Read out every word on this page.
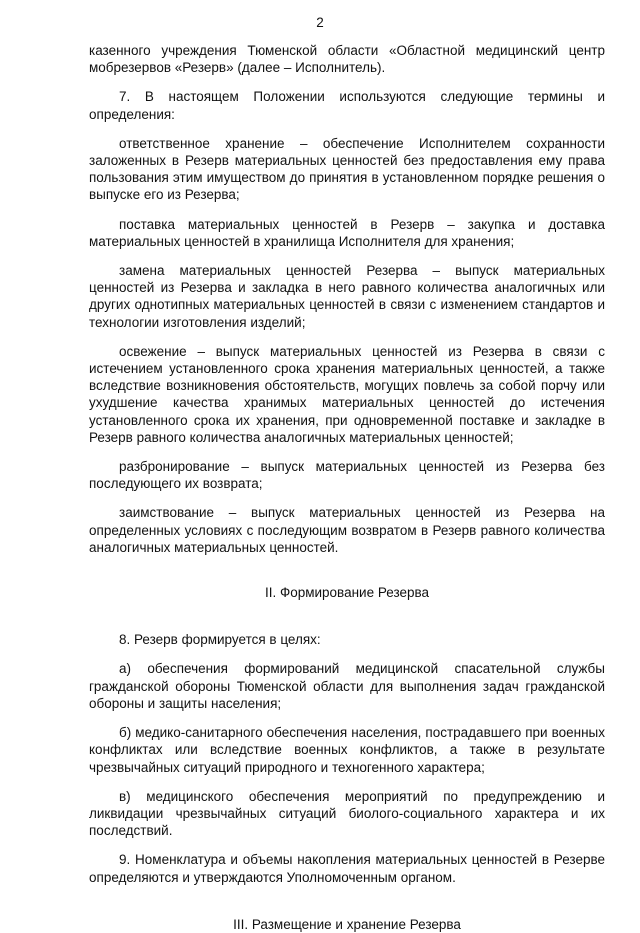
2

казенного учреждения Тюменской области «Областной медицинский центр мобрезервов «Резерв» (далее – Исполнитель).

7. В настоящем Положении используются следующие термины и определения:

ответственное хранение – обеспечение Исполнителем сохранности заложенных в Резерв материальных ценностей без предоставления ему права пользования этим имуществом до принятия в установленном порядке решения о выпуске его из Резерва;

поставка материальных ценностей в Резерв – закупка и доставка материальных ценностей в хранилища Исполнителя для хранения;

замена материальных ценностей Резерва – выпуск материальных ценностей из Резерва и закладка в него равного количества аналогичных или других однотипных материальных ценностей в связи с изменением стандартов и технологии изготовления изделий;

освежение – выпуск материальных ценностей из Резерва в связи с истечением установленного срока хранения материальных ценностей, а также вследствие возникновения обстоятельств, могущих повлечь за собой порчу или ухудшение качества хранимых материальных ценностей до истечения установленного срока их хранения, при одновременной поставке и закладке в Резерв равного количества аналогичных материальных ценностей;

разбронирование – выпуск материальных ценностей из Резерва без последующего их возврата;

заимствование – выпуск материальных ценностей из Резерва на определенных условиях с последующим возвратом в Резерв равного количества аналогичных материальных ценностей.

II. Формирование Резерва

8. Резерв формируется в целях:

а) обеспечения формирований медицинской спасательной службы гражданской обороны Тюменской области для выполнения задач гражданской обороны и защиты населения;

б) медико-санитарного обеспечения населения, пострадавшего при военных конфликтах или вследствие военных конфликтов, а также в результате чрезвычайных ситуаций природного и техногенного характера;

в) медицинского обеспечения мероприятий по предупреждению и ликвидации чрезвычайных ситуаций биолого-социального характера и их последствий.

9. Номенклатура и объемы накопления материальных ценностей в Резерве определяются и утверждаются Уполномоченным органом.

III. Размещение и хранение Резерва
